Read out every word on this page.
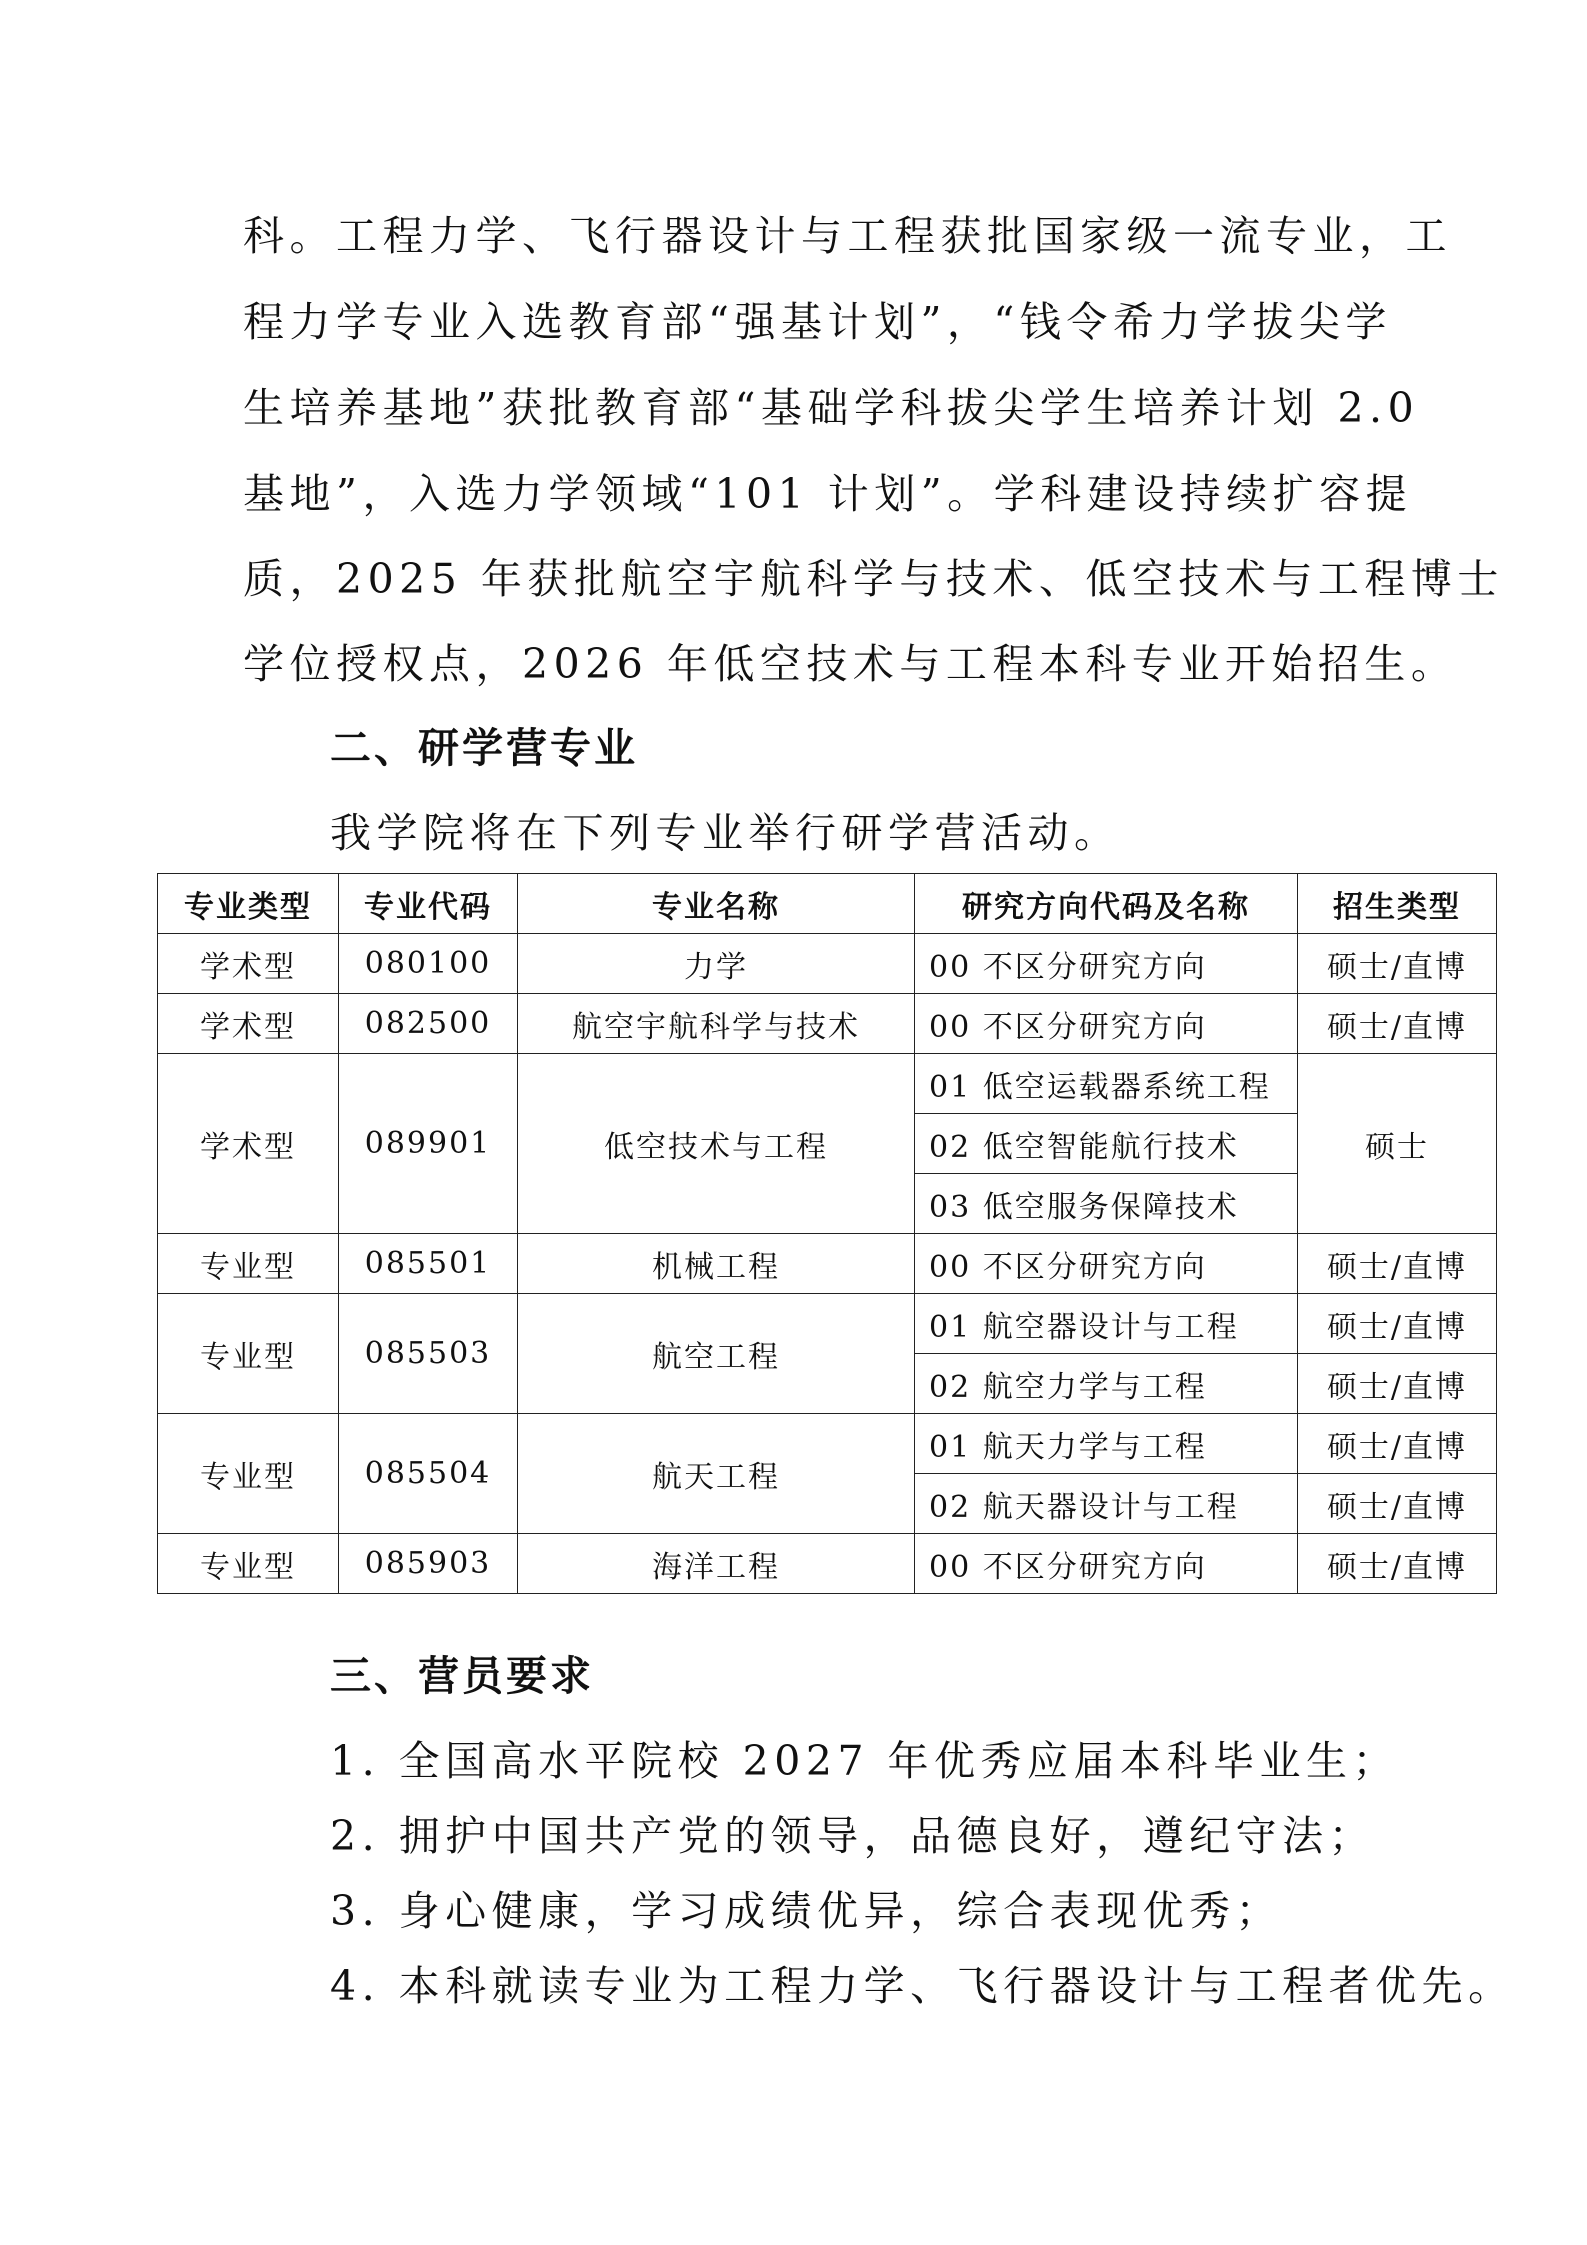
科。工程力学、飞行器设计与工程获批国家级一流专业，工
程力学专业入选教育部“强基计划”，“钱令希力学拔尖学
生培养基地”获批教育部“基础学科拔尖学生培养计划 2.0
基地”，入选力学领域“101 计划”。学科建设持续扩容提
质，2025 年获批航空宇航科学与技术、低空技术与工程博士
学位授权点，2026 年低空技术与工程本科专业开始招生。
二、研学营专业
我学院将在下列专业举行研学营活动。
专业类型	专业代码	专业名称	研究方向代码及名称	招生类型
学术型	080100	力学	00 不区分研究方向	硕士/直博
学术型	082500	航空宇航科学与技术	00 不区分研究方向	硕士/直博
学术型	089901	低空技术与工程	01 低空运载器系统工程	硕士
			02 低空智能航行技术	
			03 低空服务保障技术	
专业型	085501	机械工程	00 不区分研究方向	硕士/直博
专业型	085503	航空工程	01 航空器设计与工程	硕士/直博
			02 航空力学与工程	硕士/直博
专业型	085504	航天工程	01 航天力学与工程	硕士/直博
			02 航天器设计与工程	硕士/直博
专业型	085903	海洋工程	00 不区分研究方向	硕士/直博
三、营员要求
1. 全国高水平院校 2027 年优秀应届本科毕业生；
2. 拥护中国共产党的领导，品德良好，遵纪守法；
3. 身心健康，学习成绩优异，综合表现优秀；
4. 本科就读专业为工程力学、飞行器设计与工程者优先。
